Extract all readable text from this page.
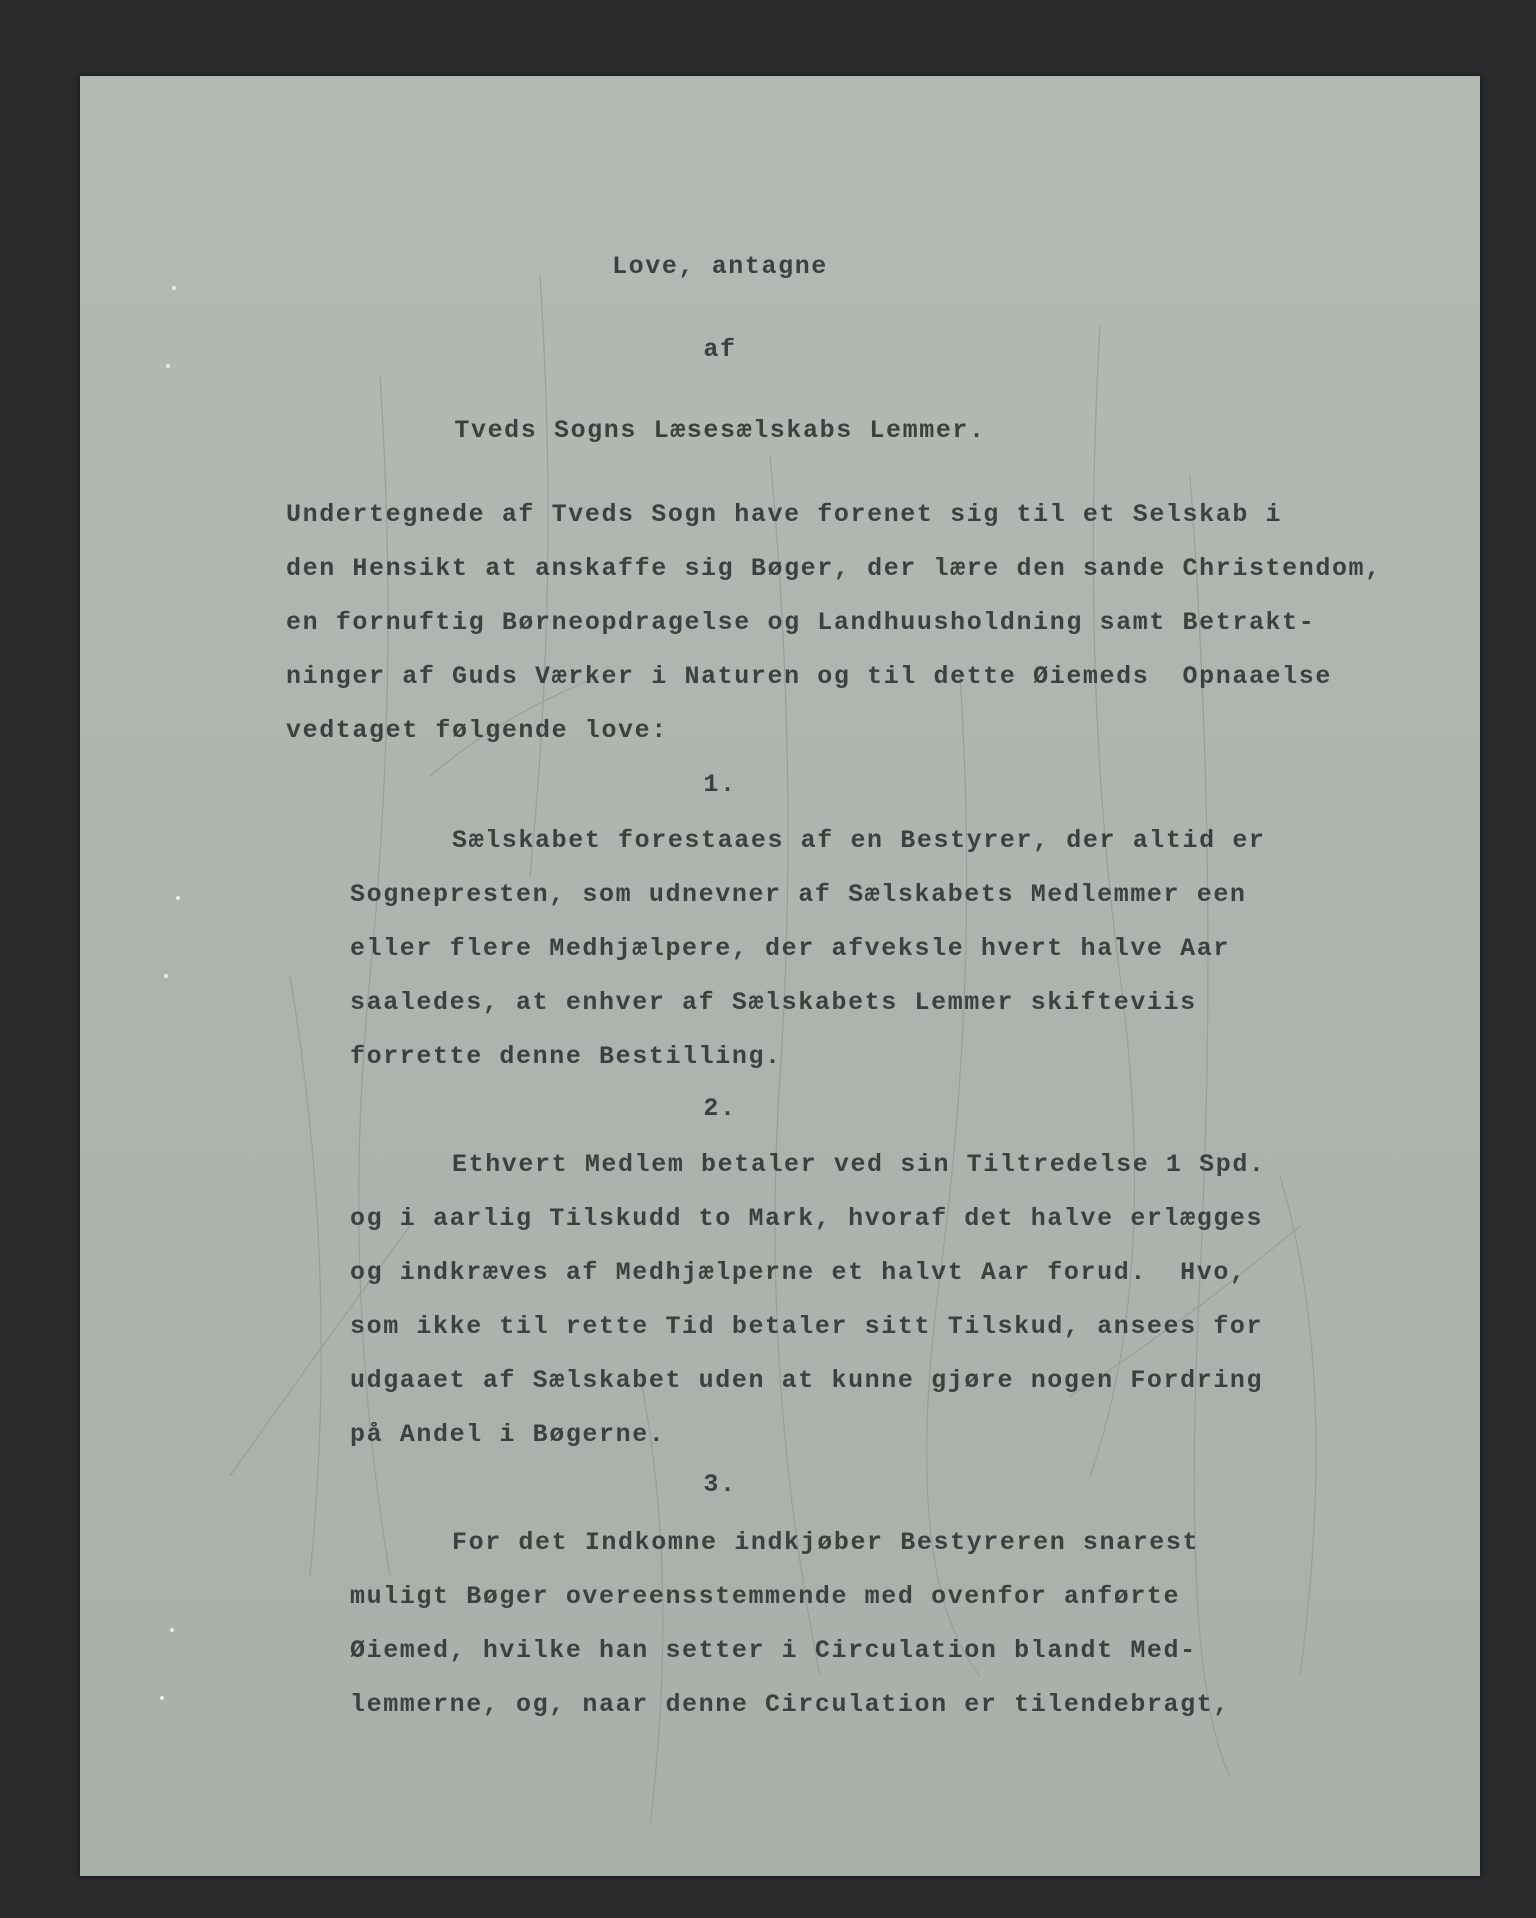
Love, antagne
af
Tveds Sogns Læsesælskabs Lemmer.
Undertegnede af Tveds Sogn have forenet sig til et Selskab i
den Hensikt at anskaffe sig Bøger, der lære den sande Christendom,
en fornuftig Børneopdragelse og Landhuusholdning samt Betrakt-
ninger af Guds Værker i Naturen og til dette Øiemeds  Opnaaelse
vedtaget følgende love:
1.
Sælskabet forestaaes af en Bestyrer, der altid er
Sognepresten, som udnevner af Sælskabets Medlemmer een
eller flere Medhjælpere, der afveksle hvert halve Aar
saaledes, at enhver af Sælskabets Lemmer skifteviis
forrette denne Bestilling.
2.
Ethvert Medlem betaler ved sin Tiltredelse 1 Spd.
og i aarlig Tilskudd to Mark, hvoraf det halve erlægges
og indkræves af Medhjælperne et halvt Aar forud.  Hvo,
som ikke til rette Tid betaler sitt Tilskud, ansees for
udgaaet af Sælskabet uden at kunne gjøre nogen Fordring
på Andel i Bøgerne.
3.
For det Indkomne indkjøber Bestyreren snarest
muligt Bøger overeensstemmende med ovenfor anførte
Øiemed, hvilke han setter i Circulation blandt Med-
lemmerne, og, naar denne Circulation er tilendebragt,
